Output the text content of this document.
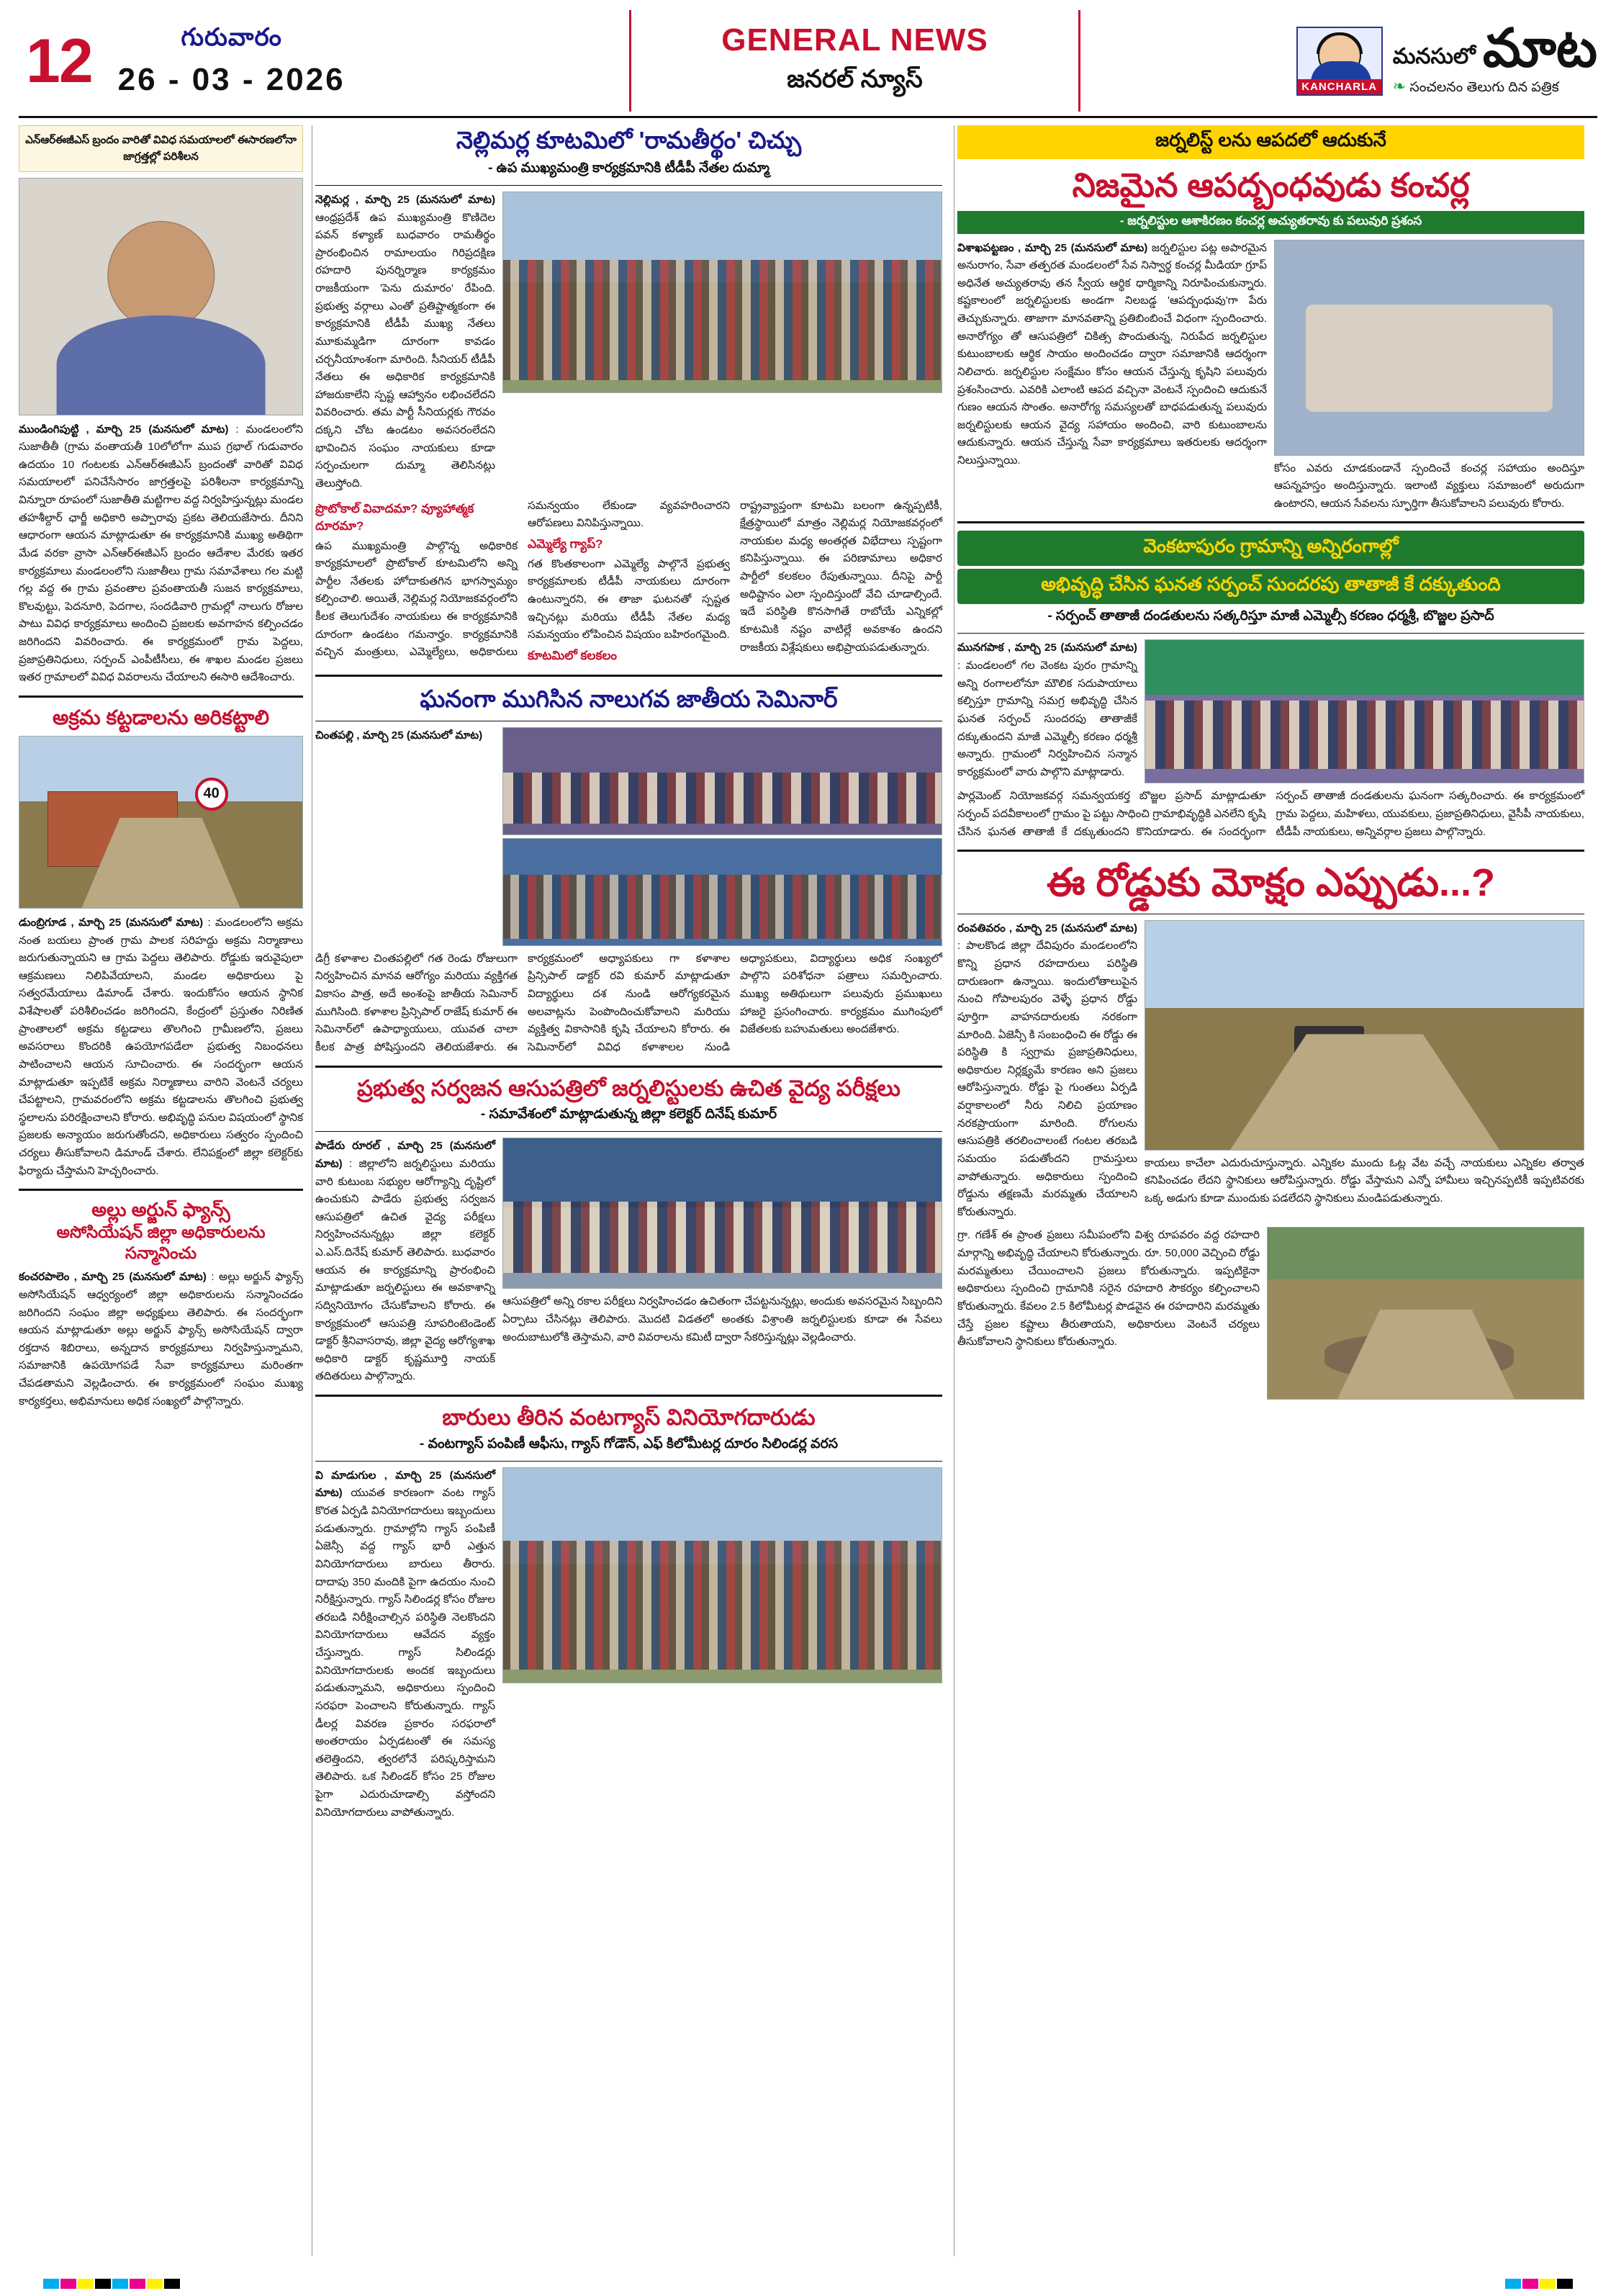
12	గురువారం
26 - 03 - 2026
GENERAL NEWS
జనరల్ న్యూస్	KANCHARLA
మనసులో మాట
❧ సంచలనం తెలుగు దిన పత్రిక
ఎన్‌ఆర్‌ఈజీఎస్ బ్రందం వారితో వివిధ సమయాలలో ఈసారణలోనా జాగ్రత్తల్లో పరిశీలన
ముండింగిపుట్టి , మార్చి 25 (మనసులో మాట) : మండలంలోని సుజాతీతీ (గ్రామ వంతాయతీ 10లోలోగా ముప గ్రభాల్ గుడువారం ఉదయం 10 గంటలకు ఎన్‌ఆర్‌ఈజీఎస్ బ్రందంతో వారితో వివిధ సమయాలలో పనిచేసేసారం జాగ్రత్తలపై పరిశీలనా కార్యక్రమాన్ని విన్నూరా రూపంలో సుజాతీతి మట్టిగాల వద్ద నిర్వహిస్తున్నట్లు మండల తహశీల్దార్ ఛార్జీ అధికారి అప్పారావు ప్రకట తెలియజేసారు. దీనిని ఆధారంగా ఆయన మాట్లాడుతూ ఈ కార్యక్రమానికి ముఖ్య అతిథిగా మేడ వరకా వ్రాసా ఎన్‌ఆర్‌ఈజీఎస్ బ్రందం ఆదేశాల మేరకు ఇతర కార్యక్రమాలు మండలంలోని సుజాతీలు గ్రామ సమావేశాలు గల మట్టి గల్ల వద్ద ఈ గ్రామ ప్రవంతాల ప్రవంతాయతీ సుజన కార్యక్రమాలు, కొలవుట్టు, పెదనూరి, పెదగాల, సందడివారి గ్రామల్లో నాలుగు రోజుల పాటు వివిధ కార్యక్రమాలు అందించి ప్రజలకు అవగాహన కల్పించడం జరిగిందని వివరించారు. ఈ కార్యక్రమంలో గ్రామ పెద్దలు, ప్రజాప్రతినిధులు, సర్పంచ్ ఎంపీటీసీలు, ఈ శాఖల మండల ప్రజలు ఇతర గ్రామాలలో వివిధ వివరాలను చేయాలని ఈసారి ఆదేశించారు.
అక్రమ కట్టడాలను అరికట్టాలి
40
డుంబ్రిగూడ , మార్చి 25 (మనసులో మాట) : మండలంలోని అక్రమ నంత బయలు ప్రాంత గ్రామ పాలక సరిహద్దు అక్రమ నిర్మాణాలు జరుగుతున్నాయని ఆ గ్రామ పెద్దలు తెలిపారు. రోడ్డుకు ఇరువైపులా ఆక్రమణలు నిలిపివేయాలని, మండల అధికారులు పై సత్వరమేయాలు డిమాండ్ చేశారు. ఇందుకోసం ఆయన స్థానిక విశేషాలతో పరిశీలించడం జరిగిందని, కేంద్రంలో ప్రస్తుతం నిరిణిత ప్రాంతాలలో అక్రమ కట్టడాలు తొలగించి గ్రామీణలోని, ప్రజలు అవసరాలు కొందరికి ఉపయోగపడేలా ప్రభుత్వ నిబంధనలు పాటించాలని ఆయన సూచించారు. ఈ సందర్భంగా ఆయన మాట్లాడుతూ ఇప్పటికే అక్రమ నిర్మాణాలు వారిని వెంటనే చర్యలు చేపట్టాలని, గ్రామవరంలోని అక్రమ కట్టడాలను తొలగించి ప్రభుత్వ స్థలాలను పరిరక్షించాలని కోరారు. అభివృద్ధి పనుల విషయంలో స్థానిక ప్రజలకు అన్యాయం జరుగుతోందని, అధికారులు సత్వరం స్పందించి చర్యలు తీసుకోవాలని డిమాండ్ చేశారు. లేనిపక్షంలో జిల్లా కలెక్టర్‌కు ఫిర్యాదు చేస్తామని హెచ్చరించారు.
అల్లు అర్జున్ ఫ్యాన్స్
అసోసియేషన్ జిల్లా అధికారులను సన్మానించు
కంచరపాలెం , మార్చి 25 (మనసులో మాట) : అల్లు అర్జున్ ఫ్యాన్స్ అసోసియేషన్ ఆధ్వర్యంలో జిల్లా అధికారులను సన్మానించడం జరిగిందని సంఘం జిల్లా అధ్యక్షులు తెలిపారు. ఈ సందర్భంగా ఆయన మాట్లాడుతూ అల్లు అర్జున్ ఫ్యాన్స్ అసోసియేషన్ ద్వారా రక్తదాన శిబిరాలు, అన్నదాన కార్యక్రమాలు నిర్వహిస్తున్నామని, సమాజానికి ఉపయోగపడే సేవా కార్యక్రమాలు మరింతగా చేపడతామని వెల్లడించారు. ఈ కార్యక్రమంలో సంఘం ముఖ్య కార్యకర్తలు, అభిమానులు అధిక సంఖ్యలో పాల్గొన్నారు.
నెల్లిమర్ల కూటమిలో 'రామతీర్థం' చిచ్చు
- ఉప ముఖ్యమంత్రి కార్యక్రమానికి టీడీపీ నేతల దుమ్మా
నెల్లిమర్ల , మార్చి 25 (మనసులో మాట) ఆంధ్రప్రదేశ్ ఉప ముఖ్యమంత్రి కొణిదెల పవన్ కళ్యాణ్ బుధవారం రామతీర్థం ప్రారంభించిన రామాలయం గిరిప్రదక్షిణ రహదారి పునర్నిర్మాణ కార్యక్రమం రాజకీయంగా 'పెను దుమారం' రేపింది. ప్రభుత్వ వర్గాలు ఎంతో ప్రతిష్టాత్మకంగా ఈ కార్యక్రమానికి టీడీపీ ముఖ్య నేతలు మూకుమ్మడిగా దూరంగా కావడం చర్చనీయాంశంగా మారింది. సీనియర్ టీడీపీ నేతలు ఈ అధికారిక కార్యక్రమానికి హాజరుకాలేని స్పష్ట ఆహ్వానం లభించలేదని వివరించారు. తమ పార్టీ సీనియర్లకు గౌరవం దక్కని చోట ఉండటం అవసరంలేదని భావించిన సంఘం నాయకులు కూడా సర్పంచులగా దుమ్మా తెలిసినట్లు తెలుస్తోంది.
ప్రొటోకాల్ వివాదమా? వ్యూహాత్మక దూరమా?
ఉప ముఖ్యమంత్రి పాల్గొన్న అధికారిక కార్యక్రమాలలో ప్రొటోకాల్ కూటమిలోని అన్ని పార్టీల నేతలకు హోదాకుతగిన భాగస్వామ్యం కల్పించాలి. అయితే, నెల్లిమర్ల నియోజకవర్గంలోని కీలక తెలుగుదేశం నాయకులు ఈ కార్యక్రమానికి దూరంగా ఉండటం గమనార్హం. కార్యక్రమానికి వచ్చిన మంత్రులు, ఎమ్మెల్యేలు, అధికారులు సమన్వయం లేకుండా వ్యవహరించారని ఆరోపణలు వినిపిస్తున్నాయి.
ఎమ్మెల్యే గ్యాప్?
గత కొంతకాలంగా ఎమ్మెల్యే పాల్గొనే ప్రభుత్వ కార్యక్రమాలకు టీడీపీ నాయకులు దూరంగా ఉంటున్నారని, ఈ తాజా ఘటనతో స్పష్టత ఇచ్చినట్లు మరియు టీడీపీ నేతల మధ్య సమన్వయం లోపించిన విషయం బహిరంగమైంది.
కూటమిలో కలకలం
రాష్ట్రవ్యాప్తంగా కూటమి బలంగా ఉన్నప్పటికీ, క్షేత్రస్థాయిలో మాత్రం నెల్లిమర్ల నియోజకవర్గంలో నాయకుల మధ్య అంతర్గత విభేదాలు స్పష్టంగా కనిపిస్తున్నాయి. ఈ పరిణామాలు అధికార పార్టీలో కలకలం రేపుతున్నాయి. దీనిపై పార్టీ అధిష్టానం ఎలా స్పందిస్తుందో వేచి చూడాల్సిందే. ఇదే పరిస్థితి కొనసాగితే రాబోయే ఎన్నికల్లో కూటమికి నష్టం వాటిల్లే అవకాశం ఉందని రాజకీయ విశ్లేషకులు అభిప్రాయపడుతున్నారు.
ఘనంగా ముగిసిన నాలుగవ జాతీయ సెమినార్
చింతపల్లి , మార్చి 25 (మనసులో మాట)
డిగ్రీ కళాశాల చింతపల్లిలో గత రెండు రోజులుగా నిర్వహించిన మానవ ఆరోగ్యం మరియు వ్యక్తిగత వికాసం పాత్ర, అదే అంశంపై జాతీయ సెమినార్ ముగిసింది. కళాశాల ప్రిన్సిపాల్ రాజేష్ కుమార్ ఈ సెమినార్‌లో ఉపాధ్యాయులు, యువత చాలా కీలక పాత్ర పోషిస్తుందని తెలియజేశారు. ఈ కార్యక్రమంలో అధ్యాపకులు గా కళాశాల ప్రిన్సిపాల్ డాక్టర్ రవి కుమార్ మాట్లాడుతూ విద్యార్థులు దశ నుండి ఆరోగ్యకరమైన అలవాట్లను పెంపొందించుకోవాలని మరియు వ్యక్తిత్వ వికాసానికి కృషి చేయాలని కోరారు. ఈ సెమినార్‌లో వివిధ కళాశాలల నుండి అధ్యాపకులు, విద్యార్థులు అధిక సంఖ్యలో పాల్గొని పరిశోధనా పత్రాలు సమర్పించారు. ముఖ్య అతిథులుగా పలువురు ప్రముఖులు హాజరై ప్రసంగించారు. కార్యక్రమం ముగింపులో విజేతలకు బహుమతులు అందజేశారు.
ప్రభుత్వ సర్వజన ఆసుపత్రిలో జర్నలిస్టులకు ఉచిత వైద్య పరీక్షలు
- సమావేశంలో మాట్లాడుతున్న జిల్లా కలెక్టర్ దినేష్ కుమార్
పాడేరు రూరల్ , మార్చి 25 (మనసులో మాట) : జిల్లాలోని జర్నలిస్టులు మరియు వారి కుటుంబ సభ్యుల ఆరోగ్యాన్ని దృష్టిలో ఉంచుకుని పాడేరు ప్రభుత్వ సర్వజన ఆసుపత్రిలో ఉచిత వైద్య పరీక్షలు నిర్వహించనున్నట్లు జిల్లా కలెక్టర్ ఎ.ఎస్.దినేష్ కుమార్ తెలిపారు. బుధవారం ఆయన ఈ కార్యక్రమాన్ని ప్రారంభించి మాట్లాడుతూ జర్నలిస్టులు ఈ అవకాశాన్ని సద్వినియోగం చేసుకోవాలని కోరారు. ఈ కార్యక్రమంలో ఆసుపత్రి సూపరింటెండెంట్ డాక్టర్ శ్రీనివాసరావు, జిల్లా వైద్య ఆరోగ్యశాఖ అధికారి డాక్టర్ కృష్ణమూర్తి నాయక్ తదితరులు పాల్గొన్నారు.
ఆసుపత్రిలో అన్ని రకాల పరీక్షలు నిర్వహించడం ఉచితంగా చేపట్టనున్నట్లు, అందుకు అవసరమైన సిబ్బందిని ఏర్పాటు చేసినట్లు తెలిపారు. మొదటి విడతలో అంతకు విశ్రాంతి జర్నలిస్టులకు కూడా ఈ సేవలు అందుబాటులోకి తెస్తామని, వారి వివరాలను కమిటీ ద్వారా సేకరిస్తున్నట్లు వెల్లడించారు.
బారులు తీరిన వంటగ్యాస్ వినియోగదారుడు
- వంటగ్యాస్ పంపిణీ ఆఫీసు, గ్యాస్ గోడౌన్, ఎఫ్ కిలోమీటర్ల దూరం సిలిండర్ల వరస
వి మాడుగుల , మార్చి 25 (మనసులో మాట) యువత కారణంగా వంట గ్యాస్ కొరత ఏర్పడి వినియోగదారులు ఇబ్బందులు పడుతున్నారు. గ్రామాల్లోని గ్యాస్ పంపిణీ ఏజెన్సీ వద్ద గ్యాస్ భారీ ఎత్తున వినియోగదారులు బారులు తీరారు. దాదాపు 350 మందికి పైగా ఉదయం నుంచి నిరీక్షిస్తున్నారు. గ్యాస్ సిలిండర్ల కోసం రోజుల తరబడి నిరీక్షించాల్సిన పరిస్థితి నెలకొందని వినియోగదారులు ఆవేదన వ్యక్తం చేస్తున్నారు. గ్యాస్ సిలిండర్లు వినియోగదారులకు అందక ఇబ్బందులు పడుతున్నామని, అధికారులు స్పందించి సరఫరా పెంచాలని కోరుతున్నారు. గ్యాస్ డీలర్ల వివరణ ప్రకారం సరఫరాలో అంతరాయం ఏర్పడటంతో ఈ సమస్య తలెత్తిందని, త్వరలోనే పరిష్కరిస్తామని తెలిపారు. ఒక సిలిండర్ కోసం 25 రోజుల పైగా ఎదురుచూడాల్సి వస్తోందని వినియోగదారులు వాపోతున్నారు.
జర్నలిస్ట్ లను ఆపదలో ఆదుకునే
నిజమైన ఆపద్బంధవుడు కంచర్ల
- జర్నలిస్టుల ఆశాకిరణం కంచర్ల అచ్యుతరావు కు పలువురి ప్రశంస
విశాఖపట్టణం , మార్చి 25 (మనసులో మాట) జర్నలిస్టుల పట్ల అపారమైన అనురాగం, సేవా తత్పరత మండలంలో సేవ నిస్వార్థ కంచర్ల మీడియా గ్రూప్ అధినేత అచ్యుతరావు తన స్వీయ ఆర్థిక ధార్మికాన్ని నిరూపించుకున్నారు. కష్టకాలంలో జర్నలిస్టులకు అండగా నిలబడ్డ 'ఆపద్బంధువు'గా పేరు తెచ్చుకున్నారు. తాజాగా మానవతాన్ని ప్రతిబింబించే విధంగా స్పందించారు. అనారోగ్యం తో ఆసుపత్రిలో చికిత్స పొందుతున్న, నిరుపేద జర్నలిస్టుల కుటుంబాలకు ఆర్థిక సాయం అందించడం ద్వారా సమాజానికి ఆదర్శంగా నిలిచారు. జర్నలిస్టుల సంక్షేమం కోసం ఆయన చేస్తున్న కృషిని పలువురు ప్రశంసించారు. ఎవరికి ఎలాంటి ఆపద వచ్చినా వెంటనే స్పందించి ఆదుకునే గుణం ఆయన సొంతం. అనారోగ్య సమస్యలతో బాధపడుతున్న పలువురు జర్నలిస్టులకు ఆయన వైద్య సహాయం అందించి, వారి కుటుంబాలను ఆదుకున్నారు. ఆయన చేస్తున్న సేవా కార్యక్రమాలు ఇతరులకు ఆదర్శంగా నిలుస్తున్నాయి.
కోసం ఎవరు చూడకుండానే స్పందించే కంచర్ల సహాయం అందిస్తూ ఆపన్నహస్తం అందిస్తున్నారు. ఇలాంటి వ్యక్తులు సమాజంలో అరుదుగా ఉంటారని, ఆయన సేవలను స్ఫూర్తిగా తీసుకోవాలని పలువురు కోరారు.
వెంకటాపురం గ్రామాన్ని అన్నిరంగాల్లో
అభివృద్ధి చేసిన ఘనత సర్పంచ్ సుందరపు తాతాజీ కే దక్కుతుంది
- సర్పంచ్ తాతాజీ దండతులను సత్కరిస్తూ మాజీ ఎమ్మెల్సీ కరణం ధర్మశ్రీ, బొజ్జల ప్రసాద్
మునగపాక , మార్చి 25 (మనసులో మాట) : మండలంలో గల వెంకట పురం గ్రామాన్ని అన్ని రంగాలలోనూ మౌలిక సదుపాయాలు కల్పిస్తూ గ్రామాన్ని సమగ్ర అభివృద్ధి చేసిన ఘనత సర్పంచ్ సుందరపు తాతాజీకే దక్కుతుందని మాజీ ఎమ్మెల్సీ కరణం ధర్మశ్రీ అన్నారు. గ్రామంలో నిర్వహించిన సన్మాన కార్యక్రమంలో వారు పాల్గొని మాట్లాడారు.
పార్లమెంట్ నియోజకవర్గ సమన్వయకర్త బొజ్జల ప్రసాద్ మాట్లాడుతూ సర్పంచ్ పదవీకాలంలో గ్రామం పై పట్టు సాధించి గ్రామాభివృద్ధికి ఎనలేని కృషి చేసిన ఘనత తాతాజీ కే దక్కుతుందని కొనియాడారు. ఈ సందర్భంగా సర్పంచ్ తాతాజీ దండతులను ఘనంగా సత్కరించారు. ఈ కార్యక్రమంలో గ్రామ పెద్దలు, మహిళలు, యువకులు, ప్రజాప్రతినిధులు, వైసీపీ నాయకులు, టీడీపీ నాయకులు, అన్నివర్గాల ప్రజలు పాల్గొన్నారు.
ఈ రోడ్డుకు మోక్షం ఎప్పుడు...?
రంవతివరం , మార్చి 25 (మనసులో మాట) : పాలకొండ జిల్లా దేవిపురం మండలంలోని కొన్ని ప్రధాన రహదారులు పరిస్థితి దారుణంగా ఉన్నాయి. ఇందులోతాలుపైన నుంచి గోపాలపురం వెళ్ళే ప్రధాన రోడ్డు పూర్తిగా వాహనదారులకు నరకంగా మారింది. ఏజెన్సీ కి సంబంధించి ఈ రోడ్డు ఈ పరిస్థితి కి స్వగ్రామ ప్రజాప్రతినిధులు, అధికారుల నిర్లక్ష్యమే కారణం అని ప్రజలు ఆరోపిస్తున్నారు. రోడ్డు పై గుంతలు ఏర్పడి వర్షాకాలంలో నీరు నిలిచి ప్రయాణం నరకప్రాయంగా మారింది. రోగులను ఆసుపత్రికి తరలించాలంటే గంటల తరబడి సమయం పడుతోందని గ్రామస్తులు వాపోతున్నారు. అధికారులు స్పందించి రోడ్డును తక్షణమే మరమ్మతు చేయాలని కోరుతున్నారు.
కాయలు కాచేలా ఎదురుచూస్తున్నారు. ఎన్నికల ముందు ఓట్ల వేట వచ్చే నాయకులు ఎన్నికల తర్వాత కనిపించడం లేదని స్థానికులు ఆరోపిస్తున్నారు. రోడ్డు వేస్తామని ఎన్నో హామీలు ఇచ్చినప్పటికీ ఇప్పటివరకు ఒక్క అడుగు కూడా ముందుకు పడలేదని స్థానికులు మండిపడుతున్నారు.
గ్రా. గణేశ్ ఈ ప్రాంత ప్రజలు సమీపంలోని విశ్వ రూపవరం వద్ద రహదారి మార్గాన్ని అభివృద్ధి చేయాలని కోరుతున్నారు. రూ. 50,000 వెచ్చించి రోడ్డు మరమ్మతులు చేయించాలని ప్రజలు కోరుతున్నారు. ఇప్పటికైనా అధికారులు స్పందించి గ్రామానికి సరైన రహదారి సౌకర్యం కల్పించాలని కోరుతున్నారు. కేవలం 2.5 కిలోమీటర్ల పొడవైన ఈ రహదారిని మరమ్మతు చేస్తే ప్రజల కష్టాలు తీరుతాయని, అధికారులు వెంటనే చర్యలు తీసుకోవాలని స్థానికులు కోరుతున్నారు.
